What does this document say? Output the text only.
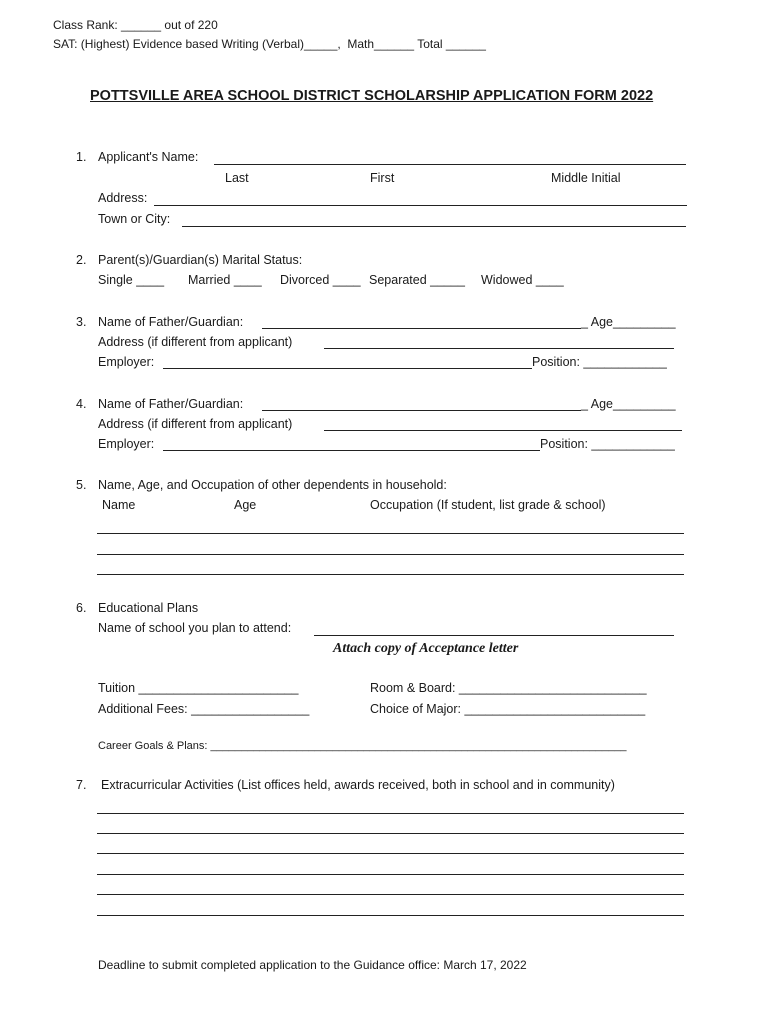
Class Rank: ______ out of 220
SAT: (Highest) Evidence based Writing (Verbal)_____,  Math______ Total ______
POTTSVILLE AREA SCHOOL DISTRICT SCHOLARSHIP APPLICATION FORM 2022
1. Applicant's Name:
Last	First	Middle Initial
Address:
Town or City:
2. Parent(s)/Guardian(s) Marital Status:
Single ____ Married ____ Divorced ____ Separated _____ Widowed ____
3. Name of Father/Guardian:	_ Age_________
Address (if different from applicant)
Employer:	Position: ____________
4. Name of Father/Guardian:	_ Age_________
Address (if different from applicant)
Employer:	Position: ____________
5. Name, Age, and Occupation of other dependents in household:
Name	Age	Occupation (If student, list grade & school)
6. Educational Plans
Name of school you plan to attend:
Attach copy of Acceptance letter
Tuition _______________________	Room & Board: ___________________________
Additional Fees: _________________	Choice of Major: __________________________
Career Goals & Plans: ____________________________________________________________________
7. Extracurricular Activities (List offices held, awards received, both in school and in community)
Deadline to submit completed application to the Guidance office: March 17, 2022
